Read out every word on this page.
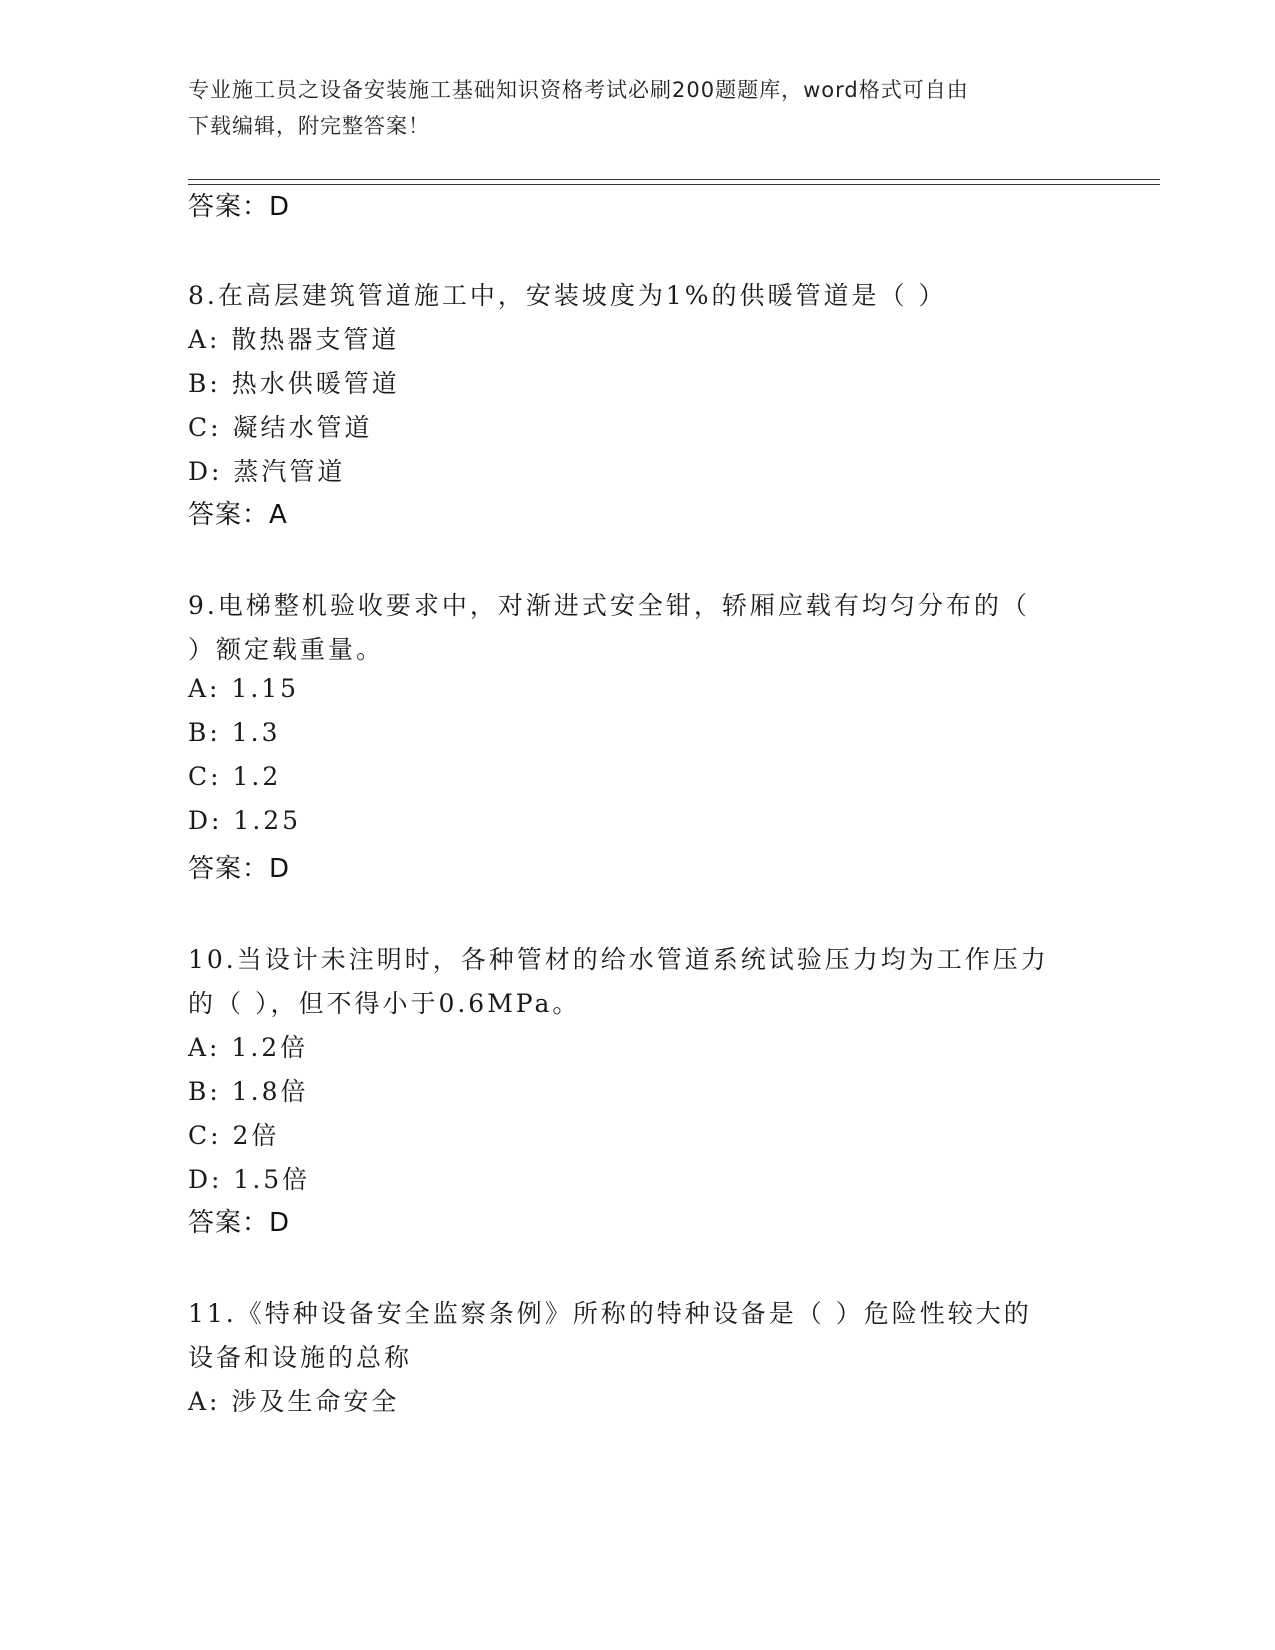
专业施工员之设备安装施工基础知识资格考试必刷200题题库，word格式可自由
下载编辑，附完整答案！
答案：D
8.在高层建筑管道施工中，安装坡度为1%的供暖管道是（ ）
A: 散热器支管道
B: 热水供暖管道
C: 凝结水管道
D: 蒸汽管道
答案：A
9.电梯整机验收要求中，对渐进式安全钳，轿厢应载有均匀分布的（
）额定载重量。
A: 1.15
B: 1.3
C: 1.2
D: 1.25
答案：D
10.当设计未注明时，各种管材的给水管道系统试验压力均为工作压力
的（ ），但不得小于0.6MPa。
A: 1.2倍
B: 1.8倍
C: 2倍
D: 1.5倍
答案：D
11.《特种设备安全监察条例》所称的特种设备是（ ）危险性较大的
设备和设施的总称
A: 涉及生命安全
